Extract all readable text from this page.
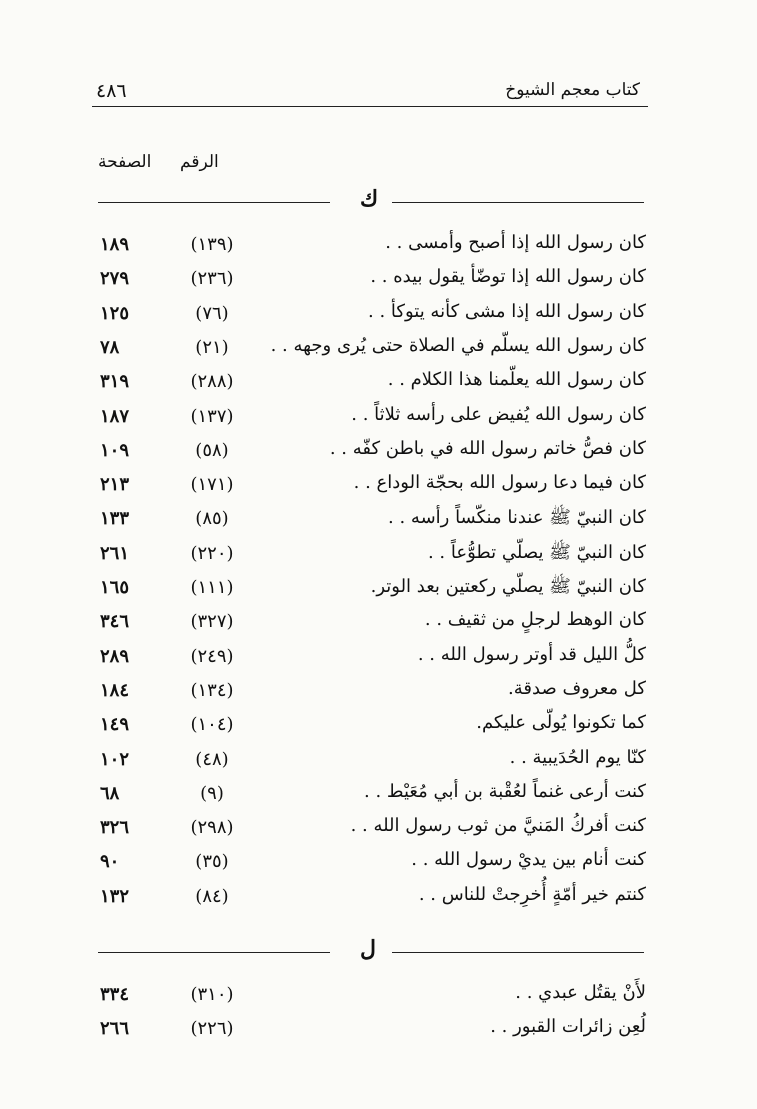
٤٨٦	كتاب معجم الشيوخ
الرقم
الصفحة
ك
١٨٩	(١٣٩)	كان رسول الله إذا أصبح وأمسى . .
٢٧٩	(٢٣٦)	كان رسول الله إذا توضّأ يقول بيده . .
١٢٥	(٧٦)	كان رسول الله إذا مشى كأنه يتوكأ . .
٧٨	(٢١)	كان رسول الله يسلّم في الصلاة حتى يُرى وجهه . .
٣١٩	(٢٨٨)	كان رسول الله يعلّمنا هذا الكلام . .
١٨٧	(١٣٧)	كان رسول الله يُفيض على رأسه ثلاثاً . .
١٠٩	(٥٨)	كان فصُّ خاتم رسول الله في باطن كفّه . .
٢١٣	(١٧١)	كان فيما دعا رسول الله بحجّة الوداع . .
١٣٣	(٨٥)	كان النبيّ ﷺ عندنا منكّساً رأسه . .
٢٦١	(٢٢٠)	كان النبيّ ﷺ يصلّي تطوُّعاً . .
١٦٥	(١١١)	كان النبيّ ﷺ يصلّي ركعتين بعد الوتر.
٣٤٦	(٣٢٧)	كان الوهط لرجلٍ من ثقيف . .
٢٨٩	(٢٤٩)	كلُّ الليل قد أوتر رسول الله . .
١٨٤	(١٣٤)	كل معروف صدقة.
١٤٩	(١٠٤)	كما تكونوا يُولّى عليكم.
١٠٢	(٤٨)	كنّا يوم الحُدَيبية . .
٦٨	(٩)	كنت أرعى غنماً لعُقْبة بن أبي مُعَيْط . .
٣٢٦	(٢٩٨)	كنت أفركُ المَنيَّ من ثوب رسول الله . .
٩٠	(٣٥)	كنت أنام بين يديْ رسول الله . .
١٣٢	(٨٤)	كنتم خير أمّةٍ أُخرِجتْ للناس . .
ل
٣٣٤	(٣١٠)	لأَنْ يقتُل عبدي . .
٢٦٦	(٢٢٦)	لُعِن زائرات القبور . .
